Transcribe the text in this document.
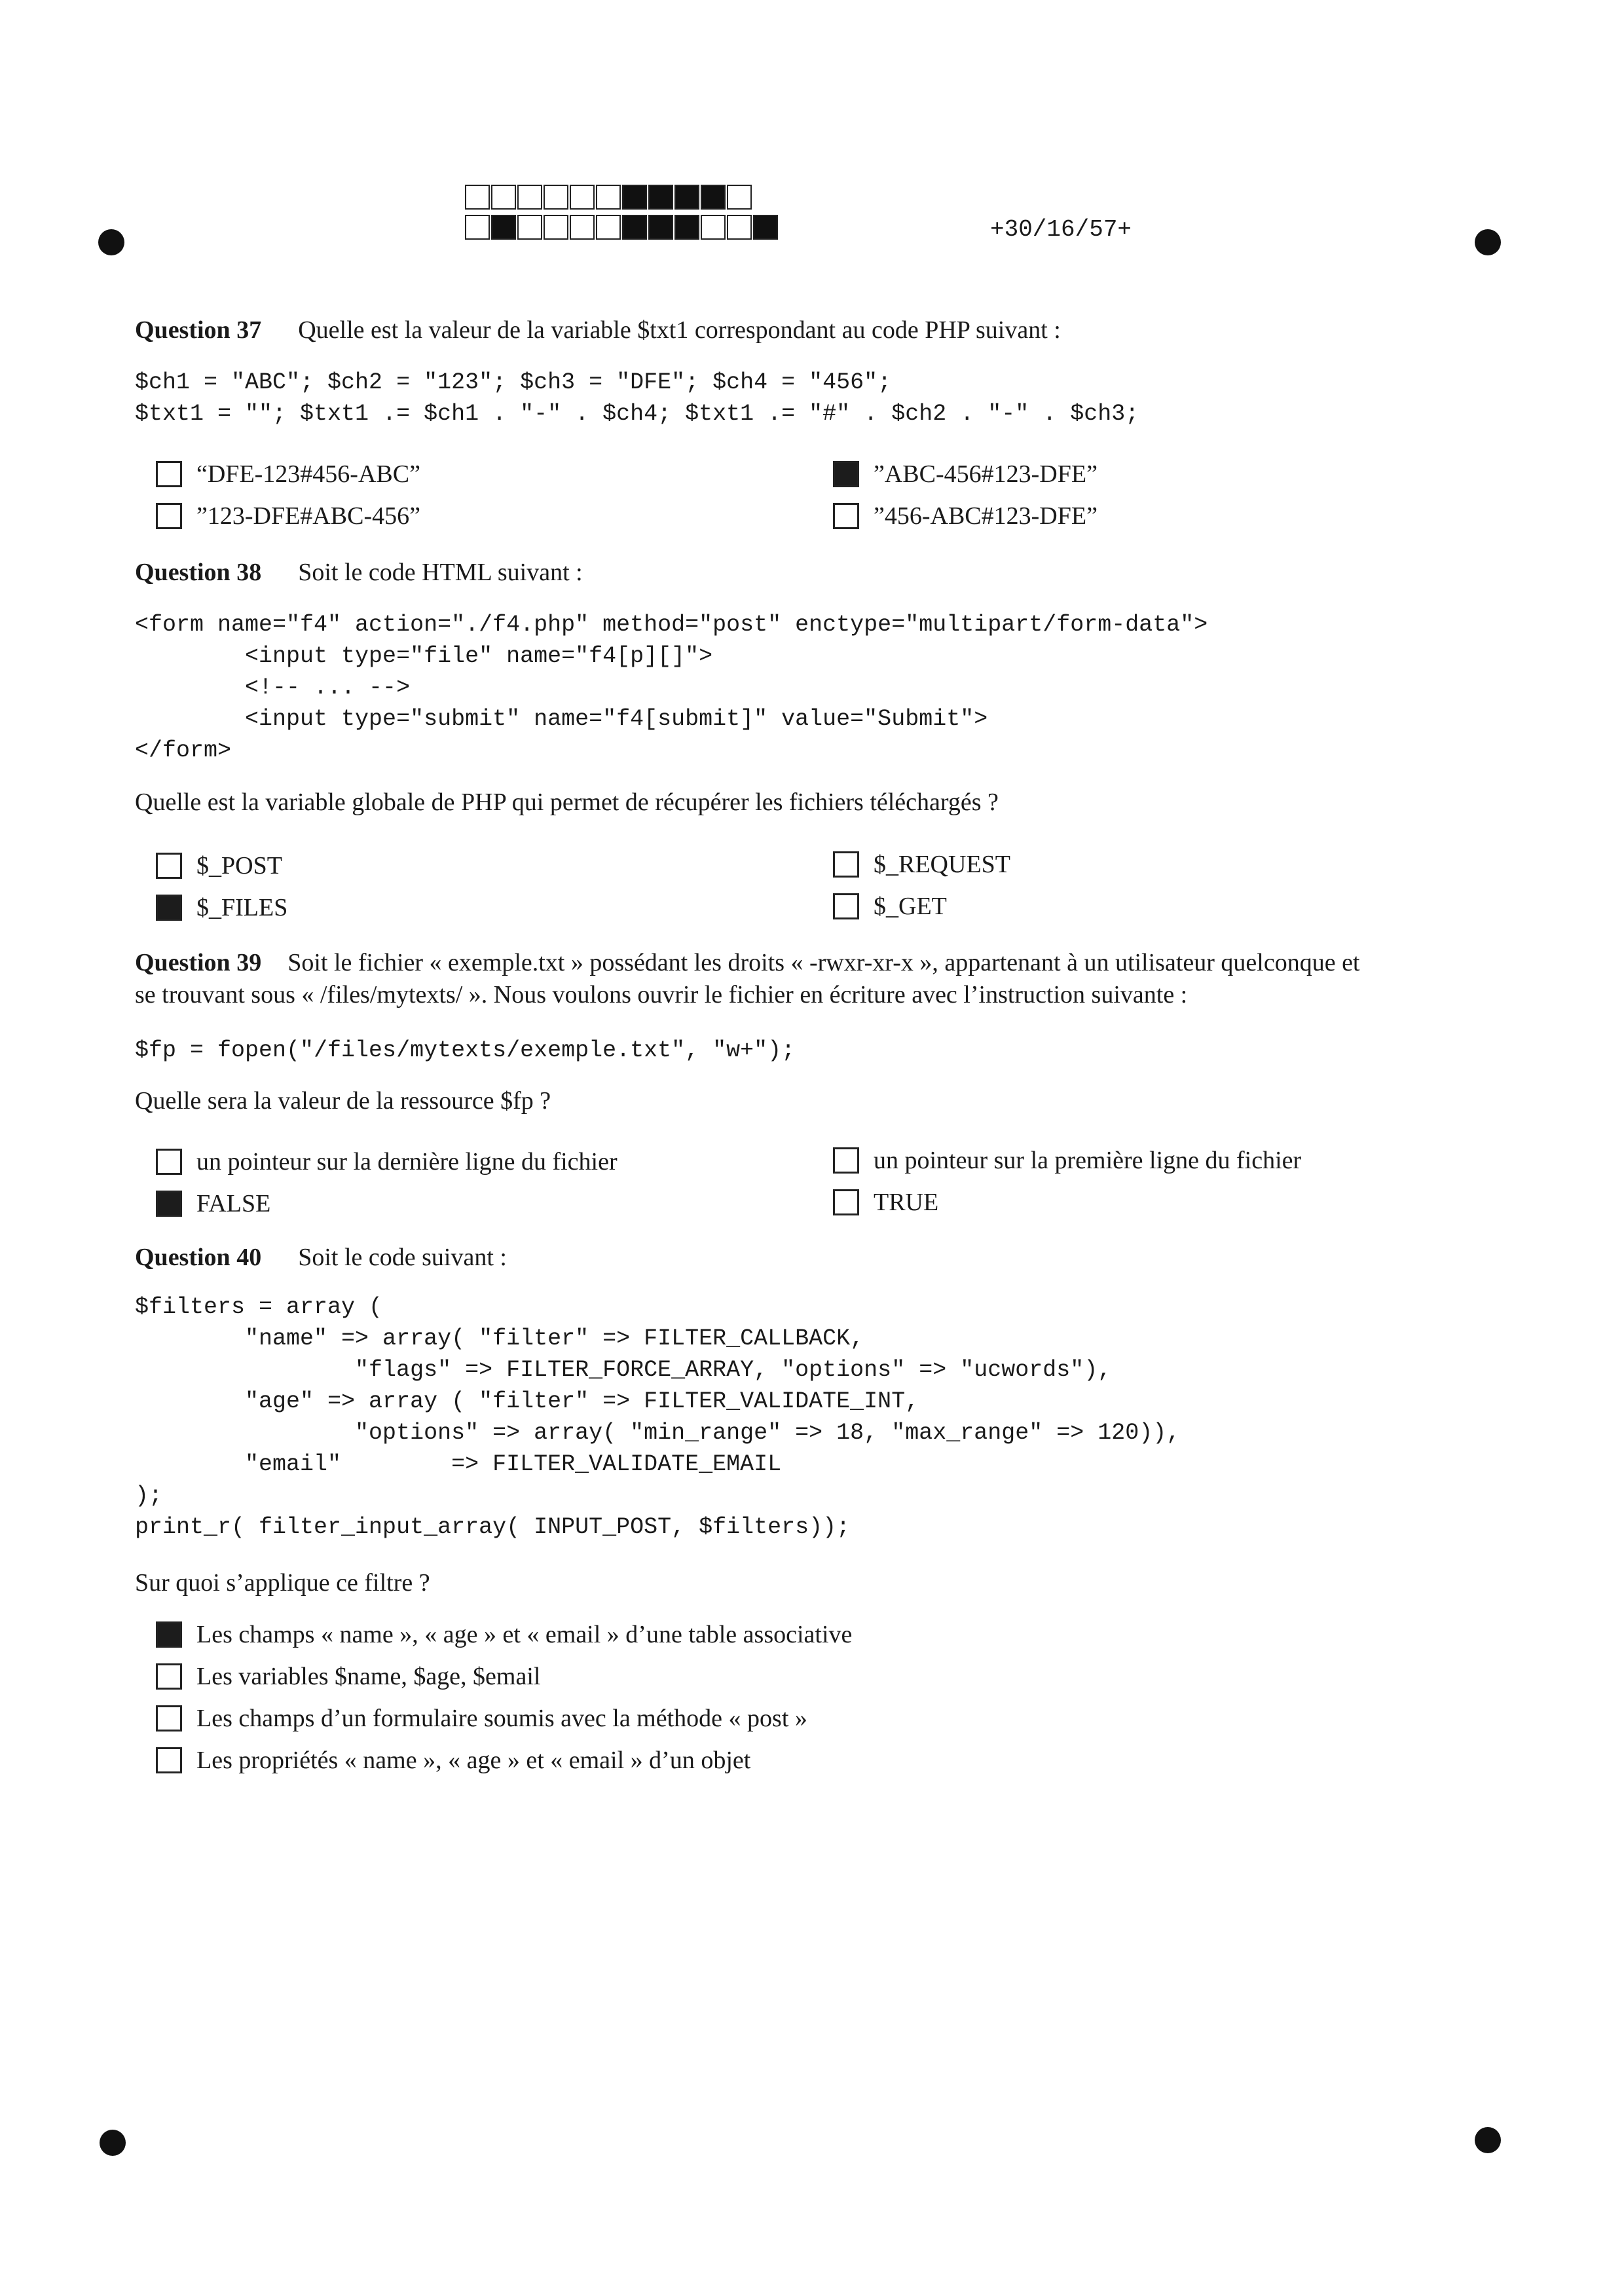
+30/16/57+
Question 37 Quelle est la valeur de la variable $txt1 correspondant au code PHP suivant :
$ch1 = "ABC"; $ch2 = "123"; $ch3 = "DFE"; $ch4 = "456";
$txt1 = ""; $txt1 .= $ch1 . "-" . $ch4; $txt1 .= "#" . $ch2 . "-" . $ch3;
“DFE-123#456-ABC”	”ABC-456#123-DFE”
”123-DFE#ABC-456”	”456-ABC#123-DFE”
Question 38 Soit le code HTML suivant :
<form name="f4" action="./f4.php" method="post" enctype="multipart/form-data">
<input type="file" name="f4[p][]">
<!-- ... -->
<input type="submit" name="f4[submit]" value="Submit">
</form>
Quelle est la variable globale de PHP qui permet de récupérer les fichiers téléchargés ?
$_POST	$_REQUEST
$_FILES	$_GET
Question 39 Soit le fichier « exemple.txt » possédant les droits « -rwxr-xr-x », appartenant à un utilisateur quelconque et
se trouvant sous « /files/mytexts/ ». Nous voulons ouvrir le fichier en écriture avec l’instruction suivante :
$fp = fopen("/files/mytexts/exemple.txt", "w+");
Quelle sera la valeur de la ressource $fp ?
un pointeur sur la dernière ligne du fichier	un pointeur sur la première ligne du fichier
FALSE	TRUE
Question 40 Soit le code suivant :
$filters = array (
"name" => array( "filter" => FILTER_CALLBACK,
"flags" => FILTER_FORCE_ARRAY, "options" => "ucwords"),
"age" => array ( "filter" => FILTER_VALIDATE_INT,
"options" => array( "min_range" => 18, "max_range" => 120)),
"email"        => FILTER_VALIDATE_EMAIL
);
print_r( filter_input_array( INPUT_POST, $filters));
Sur quoi s’applique ce filtre ?
Les champs « name », « age » et « email » d’une table associative
Les variables $name, $age, $email
Les champs d’un formulaire soumis avec la méthode « post »
Les propriétés « name », « age » et « email » d’un objet
